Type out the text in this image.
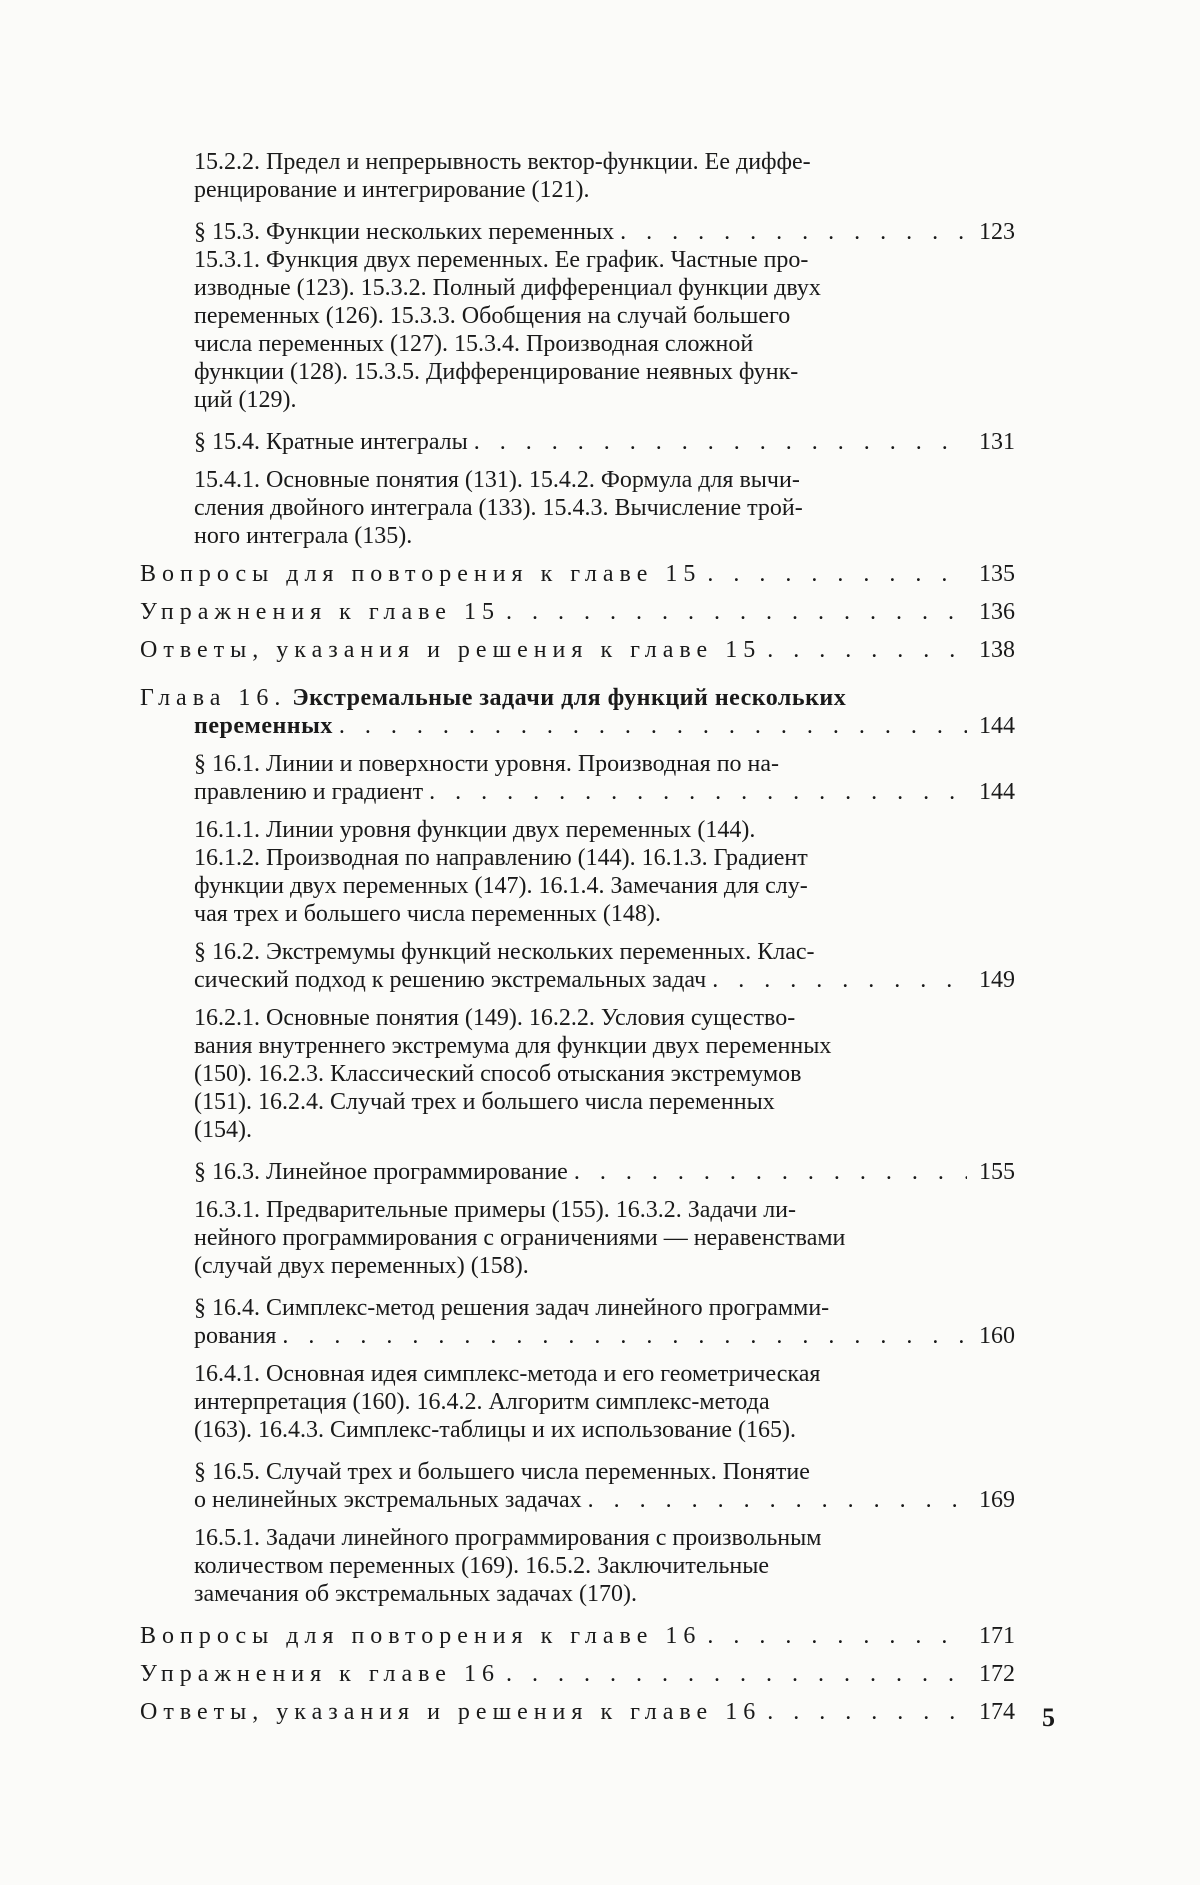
15.2.2. Предел и непрерывность вектор-функции. Ее диффе-
ренцирование и интегрирование (121).
§ 15.3. Функции нескольких переменных . . .	123
15.3.1. Функция двух переменных. Ее график. Частные про-
изводные (123). 15.3.2. Полный дифференциал функции двух
переменных (126). 15.3.3. Обобщения на случай большего
числа переменных (127). 15.3.4. Производная сложной
функции (128). 15.3.5. Дифференцирование неявных функ-
ций (129).
§ 15.4. Кратные интегралы . . .	131
15.4.1. Основные понятия (131). 15.4.2. Формула для вычи-
сления двойного интеграла (133). 15.4.3. Вычисление трой-
ного интеграла (135).
Вопросы для повторения к главе 15 . . .	135
Упражнения к главе 15 . . .	136
Ответы, указания и решения к главе 15 . . .	138
Глава 16. Экстремальные задачи для функций нескольких
переменных . . .	144
§ 16.1. Линии и поверхности уровня. Производная по на-
правлению и градиент . . .	144
16.1.1. Линии уровня функции двух переменных (144).
16.1.2. Производная по направлению (144). 16.1.3. Градиент
функции двух переменных (147). 16.1.4. Замечания для слу-
чая трех и большего числа переменных (148).
§ 16.2. Экстремумы функций нескольких переменных. Клас-
сический подход к решению экстремальных задач . . .	149
16.2.1. Основные понятия (149). 16.2.2. Условия существо-
вания внутреннего экстремума для функции двух переменных
(150). 16.2.3. Классический способ отыскания экстремумов
(151). 16.2.4. Случай трех и большего числа переменных
(154).
§ 16.3. Линейное программирование . . .	155
16.3.1. Предварительные примеры (155). 16.3.2. Задачи ли-
нейного программирования с ограничениями — неравенствами
(случай двух переменных) (158).
§ 16.4. Симплекс-метод решения задач линейного программи-
рования . . .	160
16.4.1. Основная идея симплекс-метода и его геометрическая
интерпретация (160). 16.4.2. Алгоритм симплекс-метода
(163). 16.4.3. Симплекс-таблицы и их использование (165).
§ 16.5. Случай трех и большего числа переменных. Понятие
о нелинейных экстремальных задачах . . .	169
16.5.1. Задачи линейного программирования с произвольным
количеством переменных (169). 16.5.2. Заключительные
замечания об экстремальных задачах (170).
Вопросы для повторения к главе 16 . . .	171
Упражнения к главе 16 . . .	172
Ответы, указания и решения к главе 16 . . .	174 5
